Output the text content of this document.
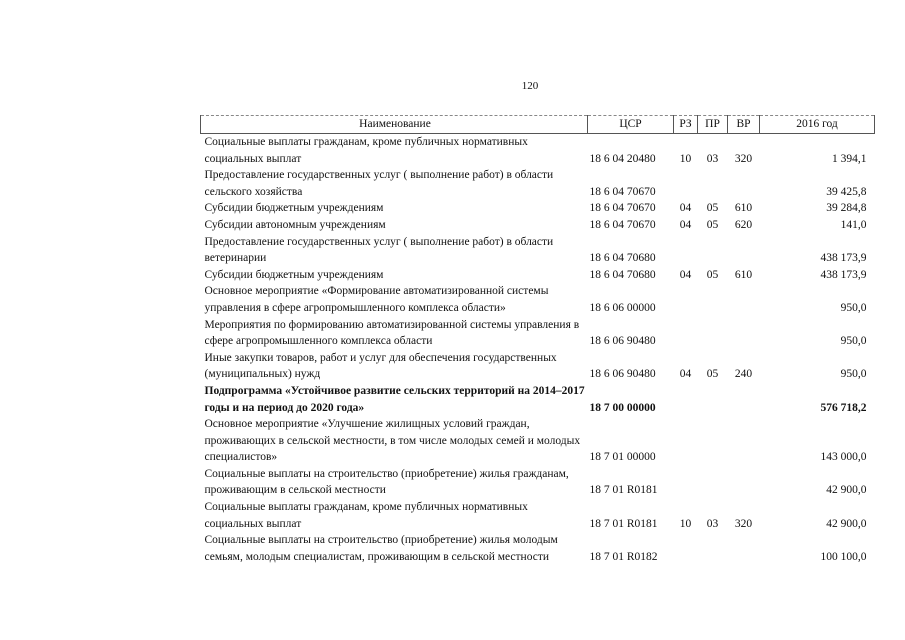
120
Наименование	ЦСР	РЗ	ПР	ВР	2016 год
Социальные выплаты гражданам, кроме публичных нормативных социальных выплат	18 6 04 20480	10	03	320	1 394,1
Предоставление государственных услуг ( выполнение работ) в области сельского хозяйства	18 6 04 70670				39 425,8
Субсидии бюджетным учреждениям	18 6 04 70670	04	05	610	39 284,8
Субсидии автономным учреждениям	18 6 04 70670	04	05	620	141,0
Предоставление государственных услуг ( выполнение работ) в области ветеринарии	18 6 04 70680				438 173,9
Субсидии бюджетным учреждениям	18 6 04 70680	04	05	610	438 173,9
Основное мероприятие «Формирование автоматизированной системы управления в сфере агропромышленного комплекса области»	18 6 06 00000				950,0
Мероприятия по формированию автоматизированной системы управления в сфере агропромышленного комплекса области	18 6 06 90480				950,0
Иные закупки товаров, работ и услуг для обеспечения государственных (муниципальных) нужд	18 6 06 90480	04	05	240	950,0
Подпрограмма «Устойчивое развитие сельских территорий на 2014–2017 годы и на период до 2020 года»	18 7 00 00000				576 718,2
Основное мероприятие «Улучшение жилищных условий граждан, проживающих в сельской местности, в том числе молодых семей и молодых специалистов»	18 7 01 00000				143 000,0
Социальные выплаты на строительство (приобретение) жилья гражданам, проживающим в сельской местности	18 7 01 R0181				42 900,0
Социальные выплаты гражданам, кроме публичных нормативных социальных выплат	18 7 01 R0181	10	03	320	42 900,0
Социальные выплаты на строительство (приобретение) жилья молодым семьям, молодым специалистам, проживающим в сельской местности	18 7 01 R0182				100 100,0
